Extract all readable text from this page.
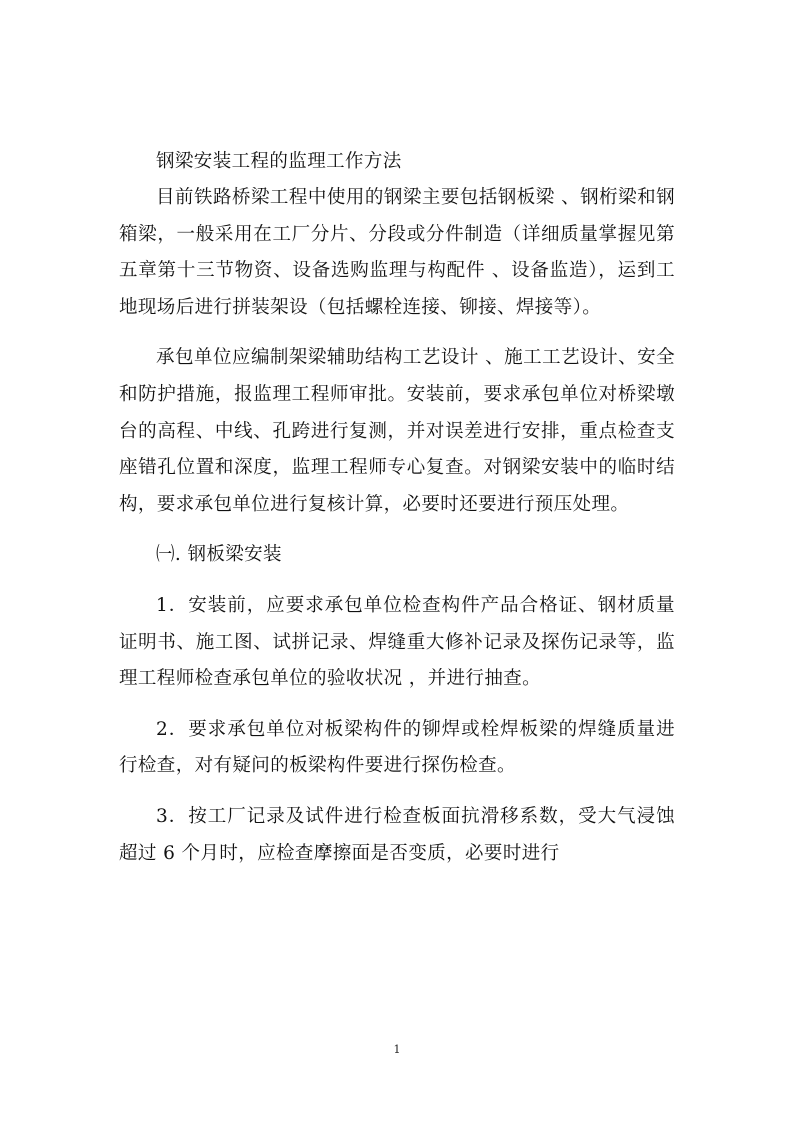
钢梁安装工程的监理工作方法

目前铁路桥梁工程中使用的钢梁主要包括钢板梁 、钢桁梁和钢箱梁，一般采用在工厂分片、分段或分件制造（详细质量掌握见第五章第十三节物资、设备选购监理与构配件 、设备监造），运到工地现场后进行拼装架设（包括螺栓连接、铆接、焊接等）。

承包单位应编制架梁辅助结构工艺设计 、施工工艺设计、安全和防护措施，报监理工程师审批。安装前，要求承包单位对桥梁墩台的高程、中线、孔跨进行复测，并对误差进行安排，重点检查支座错孔位置和深度，监理工程师专心复查。对钢梁安装中的临时结构，要求承包单位进行复核计算，必要时还要进行预压处理。

㈠. 钢板梁安装

1．安装前，应要求承包单位检查构件产品合格证、钢材质量证明书、施工图、试拼记录、焊缝重大修补记录及探伤记录等，监理工程师检查承包单位的验收状况 ，并进行抽查。

2．要求承包单位对板梁构件的铆焊或栓焊板梁的焊缝质量进行检查，对有疑问的板梁构件要进行探伤检查。

3．按工厂记录及试件进行检查板面抗滑移系数，受大气浸蚀超过 6 个月时，应检查摩擦面是否变质，必要时进行

1
